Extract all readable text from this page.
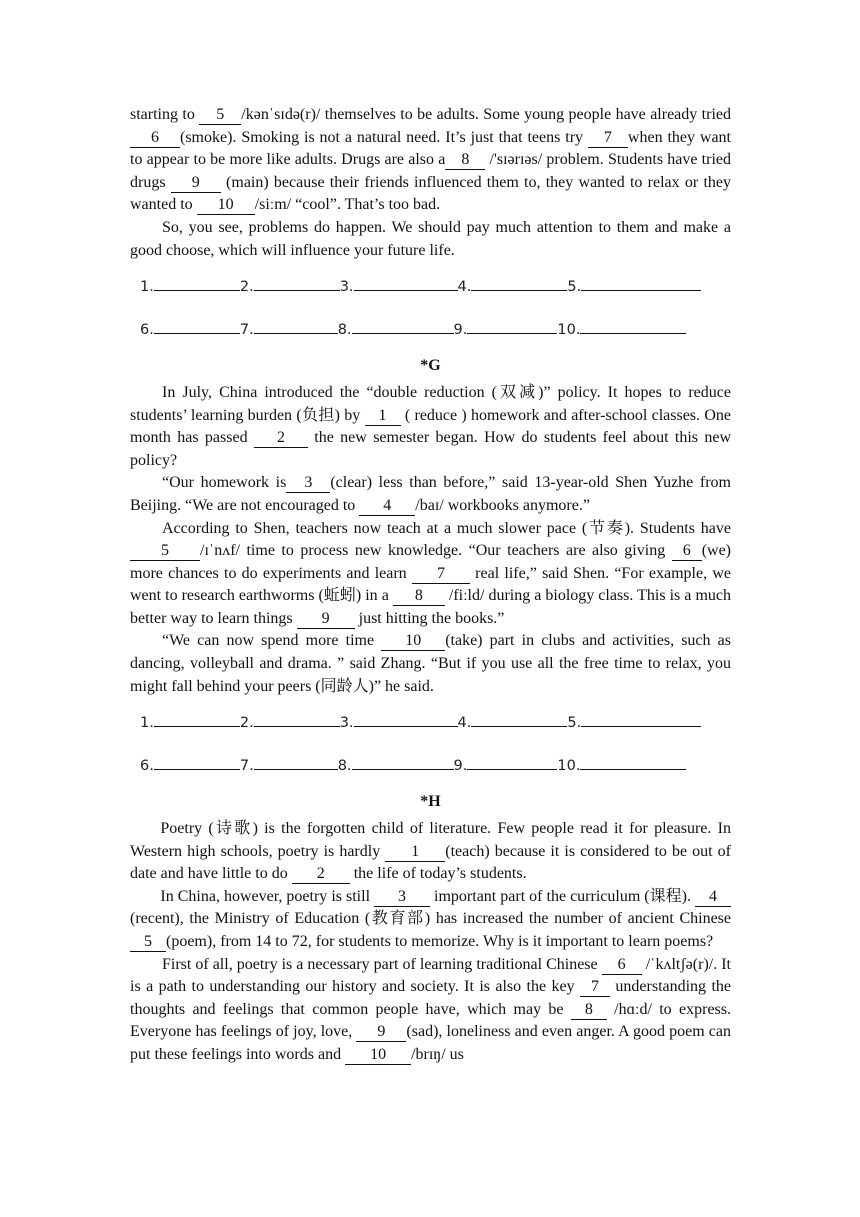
starting to 5 /kənˈsɪdə(r)/ themselves to be adults. Some young people have already tried 6 (smoke). Smoking is not a natural need. It’s just that teens try 7 when they want to appear to be more like adults. Drugs are also a 8 /'sɪərɪəs/ problem. Students have tried drugs 9 (main) because their friends influenced them to, they wanted to relax or they wanted to 10 /siːm/ “cool”. That’s too bad.

So, you see, problems do happen. We should pay much attention to them and make a good choose, which will influence your future life.

1.	2.	3.	4.	5.
6.	7.	8.	9.	10.

*G

In July, China introduced the “double reduction (双减)” policy. It hopes to reduce students’ learning burden (负担) by 1 ( reduce ) homework and after-school classes. One month has passed 2 the new semester began. How do students feel about this new policy?

“Our homework is 3 (clear) less than before,” said 13-year-old Shen Yuzhe from Beijing. “We are not encouraged to 4 /baɪ/ workbooks anymore.”

According to Shen, teachers now teach at a much slower pace (节奏). Students have 5 /ɪˈnʌf/ time to process new knowledge. “Our teachers are also giving 6 (we) more chances to do experiments and learn 7 real life,” said Shen. “For example, we went to research earthworms (蚯蚓) in a 8 /fiːld/ during a biology class. This is a much better way to learn things 9 just hitting the books.”

“We can now spend more time 10 (take) part in clubs and activities, such as dancing, volleyball and drama. ” said Zhang. “But if you use all the free time to relax, you might fall behind your peers (同龄人)” he said.

1.	2.	3.	4.	5.
6.	7.	8.	9.	10.

*H

Poetry (诗歌) is the forgotten child of literature. Few people read it for pleasure. In Western high schools, poetry is hardly 1 (teach) because it is considered to be out of date and have little to do 2 the life of today’s students.

In China, however, poetry is still 3 important part of the curriculum (课程). 4(recent), the Ministry of Education (教育部) has increased the number of ancient Chinese 5 (poem), from 14 to 72, for students to memorize. Why is it important to learn poems?

First of all, poetry is a necessary part of learning traditional Chinese 6 /ˈkʌltʃə(r)/. It is a path to understanding our history and society. It is also the key 7 understanding the thoughts and feelings that common people have, which may be 8 /hɑːd/ to express. Everyone has feelings of joy, love, 9 (sad), loneliness and even anger. A good poem can put these feelings into words and 10 /brɪŋ/ us
